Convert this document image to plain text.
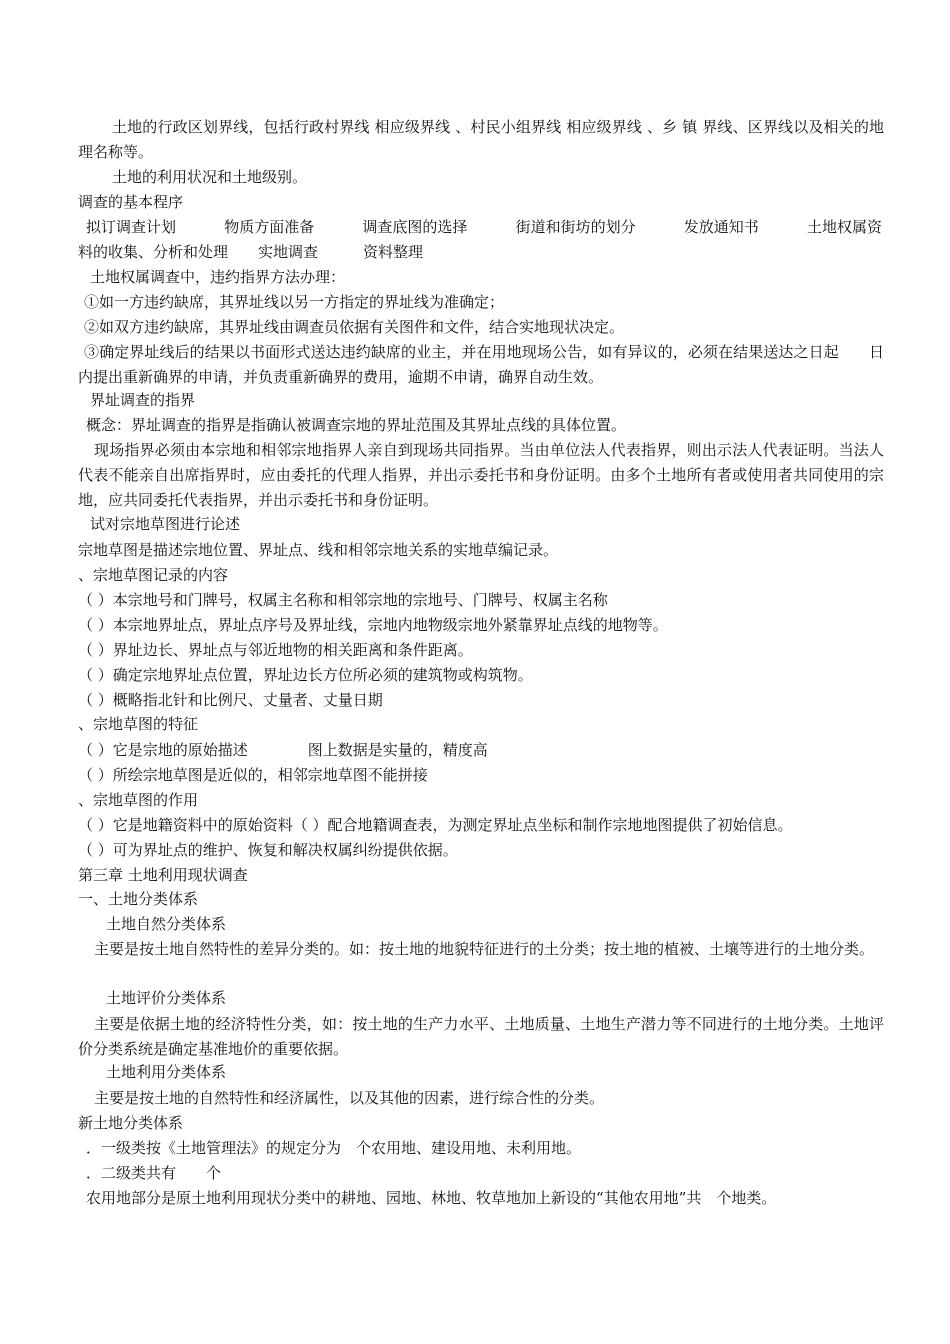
土地的行政区划界线，包括行政村界线 相应级界线 、村民小组界线 相应级界线 、乡 镇 界线、区界线以及相关的地理名称等。
土地的利用状况和土地级别。
调查的基本程序
拟订调查计划	物质方面准备	调查底图的选择	街道和街坊的划分	发放通知书	土地权属资
料的收集、分析和处理　　实地调查　　　资料整理
土地权属调查中，违约指界方法办理：
①如一方违约缺席，其界址线以另一方指定的界址线为准确定；
②如双方违约缺席，其界址线由调查员依据有关图件和文件，结合实地现状决定。
③确定界址线后的结果以书面形式送达违约缺席的业主，并在用地现场公告，如有异议的，必须在结果送达之日起　　日内提出重新确界的申请，并负责重新确界的费用，逾期不申请，确界自动生效。
界址调查的指界
概念：界址调查的指界是指确认被调查宗地的界址范围及其界址点线的具体位置。
现场指界必须由本宗地和相邻宗地指界人亲自到现场共同指界。当由单位法人代表指界，则出示法人代表证明。当法人代表不能亲自出席指界时，应由委托的代理人指界，并出示委托书和身份证明。由多个土地所有者或使用者共同使用的宗地，应共同委托代表指界，并出示委托书和身份证明。
试对宗地草图进行论述
宗地草图是描述宗地位置、界址点、线和相邻宗地关系的实地草编记录。
、宗地草图记录的内容
（ ）本宗地号和门牌号，权属主名称和相邻宗地的宗地号、门牌号、权属主名称
（ ）本宗地界址点，界址点序号及界址线，宗地内地物级宗地外紧靠界址点线的地物等。
（ ）界址边长、界址点与邻近地物的相关距离和条件距离。
（ ）确定宗地界址点位置，界址边长方位所必须的建筑物或构筑物。
（ ）概略指北针和比例尺、丈量者、丈量日期
、宗地草图的特征
（ ）它是宗地的原始描述　　　　图上数据是实量的，精度高
（ ）所绘宗地草图是近似的，相邻宗地草图不能拼接
、宗地草图的作用
（ ）它是地籍资料中的原始资料（ ）配合地籍调查表，为测定界址点坐标和制作宗地地图提供了初始信息。
（ ）可为界址点的维护、恢复和解决权属纠纷提供依据。
第三章 土地利用现状调查
一、土地分类体系
土地自然分类体系
主要是按土地自然特性的差异分类的。如：按土地的地貌特征进行的土分类；按土地的植被、土壤等进行的土地分类。
土地评价分类体系
主要是依据土地的经济特性分类，如：按土地的生产力水平、土地质量、土地生产潜力等不同进行的土地分类。土地评价分类系统是确定基准地价的重要依据。
土地利用分类体系
主要是按土地的自然特性和经济属性，以及其他的因素，进行综合性的分类。
新土地分类体系
．一级类按《土地管理法》的规定分为　个农用地、建设用地、未利用地。
．二级类共有　　个
农用地部分是原土地利用现状分类中的耕地、园地、林地、牧草地加上新设的“其他农用地”共　个地类。
